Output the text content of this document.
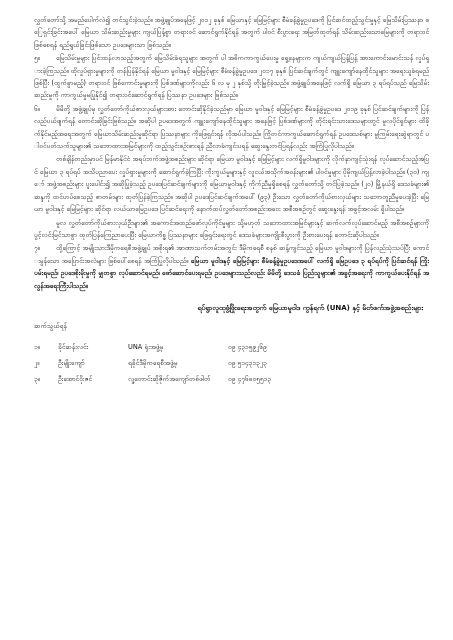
လွှတ်တော်သို့ အမည်ပေါက်လဲ၍ တင်သွင်းခဲ့သည်။ အဖွဲ့ချုပ်အနေဖြင့် ၂၀၁၂ ခုနှစ် မြေယာနှင့် မြေမြင့်များ စီမံခန့်ခွဲမှုဥပဒေကို ပြင်ဆင်ထည့်သွင်းမှုနှင့် မြေသိမ်းပြဿနာ ဖြေရှင်းခြင်းအပေါ် မြေယာ သိမ်းဆည်းမှုများ ကျယ်ပြန့်စွာ တရားဝင် ဆောင်ရွက်နိုင်ရန် အတွက် ပါဝင် စီးပွားရေး အမြတ်ထုတ်ရန် သိမ်းဆည်းသောမြေများကို တရားဝင်ဖြစ်စေရန် ရည်ရွယ်ခြင်းဖြစ်သော ဥပဒေများသာ ဖြစ်သည်။

၅။ မြေသိမ်းမှုများ ပြင်းထန်လာသည့်အတွက် မြေသိမ်းခံရသူများ အတွက် ပါ အဓိကကာကွယ်ပေးမှု ရှေ့နေများက ကျယ်ကျယ်ပြန့်ပြန့် အားကောင်းမောင်းသန် လှုပ်ရှားခဲ့ကြသည်။ ထိုလှုပ်ရှားမှုများကို တန်ပြန်နိုင်ရန် မြေယာ မူဝါဒနှင့် မြေမြင့်များ စီမံခန့်ခွဲမှုဥပဒေ ၂၀၁၇ ခုနှစ် ပြင်ဆင်ချက်တွင် ကျူးကျော်နေထိုင်သူများ အရေးယူခံရမည်ဖြစ်ပြီး (ထွက်ခွာမည့်) တရားဝင် ဖြစ်ကောင်းမှုများကို ပြစ်ဒဏ်များကိုလည်း ၆ လ မှ ၂ နှစ်သို့ တိုးမြှင့်ခဲ့သည်။ အဖွဲ့ချုပ်အနေဖြင့် လက်ရှိ မြေယာ ၃ ရပ်ရပ်သည် မြေသိမ်းဆည်းမှုကို ကာကွယ်မှုမပြုနိုင်၍ တရားဝင်ဆောင်ရွက်ရန် ပြဿနာ ဥပဒေများ ဖြစ်သည်။

၆။ မိမိတို့ အဖွဲ့ချုပ်မှ လွှတ်တော်ကိုယ်စားလှယ်များအား တောင်းဆိုနိုင်ခဲ့သည်မှာ မြေယာ မူဝါဒနှင့် မြေမြင့်များ စီမံခန့်ခွဲမှုဥပဒေ ၂၀၁၉ ခုနှစ် ပြင်ဆင်ချက်များကို ပြန်လည်ပယ်ဖျက်ရန် တောင်းဆိုခြင်းဖြစ်သည်။ အဆိုပါ ဥပဒေအတွက် ကျူးကျော်နေထိုင်သူများ အနေဖြင့် ပြစ်ဒဏ်များကို တိုင်းရင်းသားဒေသများတွင် မူလပိုင်ရှင်များ ထိခိုက်နိုင်မည့်အရေးအတွက် မြေယာသိမ်းဆည်းမှုဆိုင်ရာ ပြဿနာများ ကိုဖြေရှင်းရန် လိုအပ်ပါသည်။ ကြိုတင်ကာကွယ်ဆောင်ရွက်ရန် ဥပဒေသစ်များ မူကြမ်းရေးဆွဲရာတွင် ပါဝင်ပတ်သက်သူများ၏ သဘောထားအမြင်များကို ထည့်သွင်းစဉ်းစားရန် ညီလာခံကျင်းပရန် ဆွေးနွေးတင်ပြရန်လည်း အကြံပြုလိုပါသည်။

တစ်ချိန်တည်းမှာပင် မြန်မာနိုင်ငံ အရပ်ဘက်အဖွဲ့အစည်းများ ဆိုင်ရာ မြေယာ မူဝါဒနှင့် မြေမြင့်များ လက်ရှိမူဝါဒများကို လိုက်နာကျင့်သုံးရန် လုပ်ဆောင်သည့်အပြင် မြေယာ ၃ ရပ်ရပ် အသိပညာပေး လှုပ်ရှားမှုများကို ဆောင်ရွက်ခဲ့ကြပြီး ကိုးကွယ်မှုများနှင့် လူငယ်အသိုက်အဝန်းများ၏ ပါဝင်မှုများ ပိုမိုကျယ်ပြန့်လာခဲ့ပါသည်။ (၃၀) ကျော် အဖွဲ့အစည်းများ ပူးပေါင်း၍ အဆိုပြုခဲ့သည့် ဥပဒေပြင်ဆင်ချက်များကို မြေယာမူဝါဒနှင့် ကိုက်ညီမှုရှိစေရန် လွှတ်တော်သို့ တင်ပြခဲ့သည်။ (၂၀) မြို့နယ်ရှိ ဒေသခံများ၏ ဆန္ဒကို ထင်ဟပ်စေသည့် စာတမ်းများ ထုတ်ပြန်ခဲ့ကြသည်။ အဆိုပါ ဥပဒေပြင်ဆင်ချက်အပေါ် (၉၃) ဦးသော လွှတ်တော်ကိုယ်စားလှယ်များ သဘောတူညီမှုပေးခဲ့ပြီး မြေယာ မူဝါဒနှင့် မြေမြင့်များ ဆိုင်ရာ လယ်ယာမြေဥပဒေ ပြင်ဆင်ရေးကို နောက်ထပ်လွှတ်တော်အစည်းအဝေး အစီအစဉ်တွင် ဆွေးနွေးရန် အခွင့်အလမ်း ရှိပါသည်။

မူလ လွှတ်တော်ကိုယ်စားလှယ်ဦးများ၏ အကောင်အထည်ဖော်လုပ်ကိုင်မှုများ သို့မဟုတ် သဘောထားအမြင်များနှင့် ဆက်လက်လုပ်ဆောင်မည့် အစီအစဉ်များကို ပွင့်လင်းမြင်သာစွာ ထုတ်ပြန်ကြေညာပေးပြီး မြေယာကိစ္စ ပြဿနာများ ဖြေရှင်းရေးတွင် ဒေသခံများအကျိုးစီးပွားကို ဦးစားပေးရန် တောင်းဆိုပါသည်။

၇။ ထို့ကြောင့် အမျိုးသားဒီမိုကရေစီအဖွဲ့ချုပ် အစိုးရ၏ အာဏာသက်တမ်းအတွင်း ဒီမိုကရေစီ စနစ် ဆန့်ကျင်သည့် မြေယာ မူဝါဒများကို ပြန်လည်သုံးသပ်ပြီး ကောင်းမွန်သော အပြောင်းအလဲများ ဖြစ်ပေါ်စေရန် အကြံပြုလိုပါသည်။ မြေယာ မူဝါဒနှင့် မြေမြင့်များ စီမံခန့်ခွဲမှုဥပဒေအပေါ် လက်ရှိ မြေဥပဒေ ၃ ရပ်ရပ်ကို ပြင်ဆင်ရန် ကြိုးပမ်းရမည်၊ ဥပဒေစိုးမိုးမှုကို မျှတစွာ လုပ်ဆောင်ရမည်၊ ဖော်ဆောင်ပေးရမည်၊ ဥပဒေများသည်လည်း မိမိတို့ ဒေသခံ ပြည်သူများ၏ အခွင့်အရေးကို ကာကွယ်ပေးနိုင်ရန် အလွန်အရေးကြီးပါသည်။

ရပ်ရွာလူထုဖွံ့ဖြိုးရေးအတွက် မြေယာမူဝါဒ ကွန်ရက် (UNA) နှင့် မိတ်ဖက်အဖွဲ့အစည်းများ
ဆက်သွယ်ရန်
၁။	ခိုင်ဆန်းလင်း	UNA ရုံးအဖွဲ့မှ	၀၉ ၄၃၁၅၉၂၆၉
၂။	ဦးမျိုးကျော်	ရခိုင်ဒီမိုကရေစီအဖွဲ့မှ	၀၉ ၅၁၄၃၁၃၂၃
၃။	ဦးအောင်ဝိုးဇင်	လူ့တောင်းဆိုဇိုက်အကျော်တစ်ဖါတ်	၀၉ ၄၇၆၈၀၅၅၁၃
